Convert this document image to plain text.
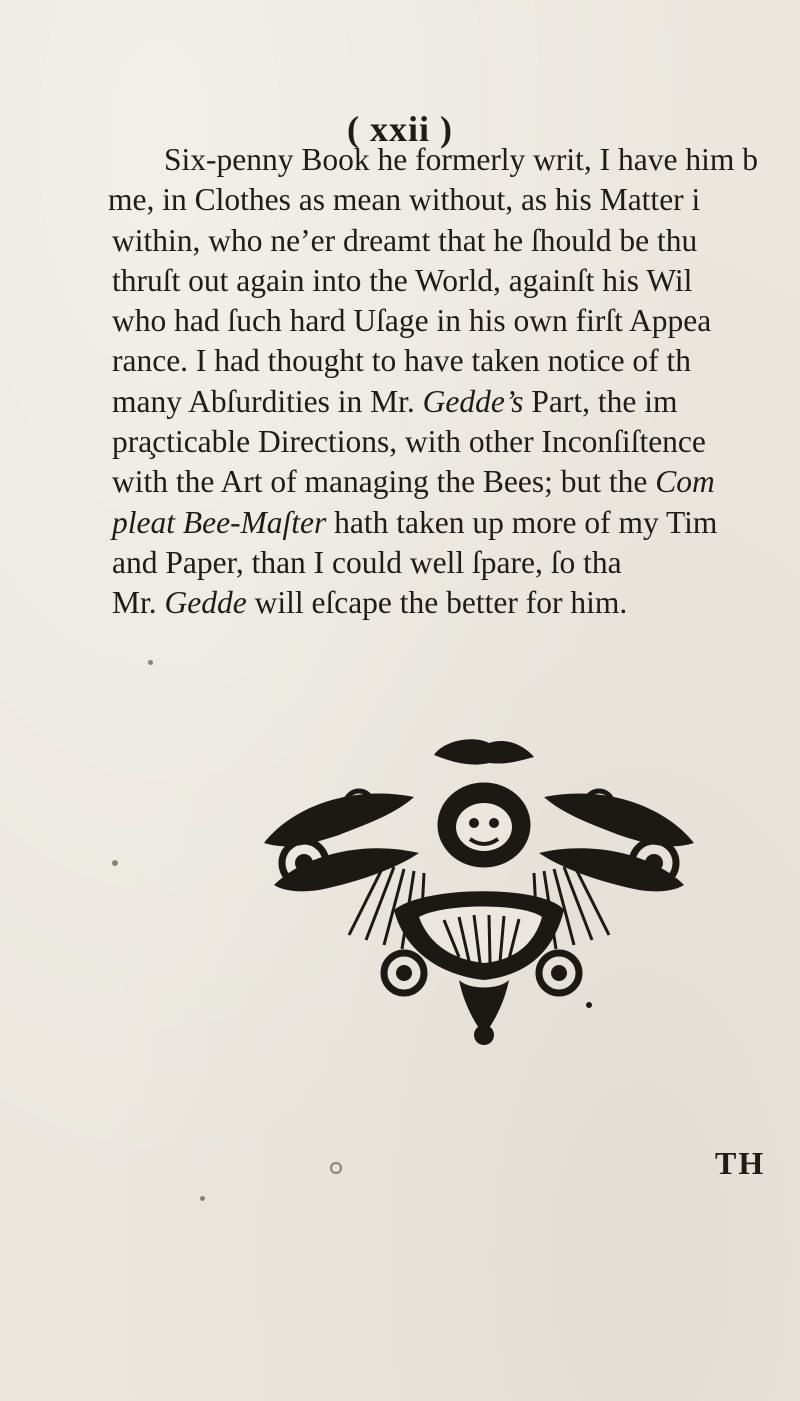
( xxii )

Six-penny Book he formerly writ, I have him b
me, in Clothes as mean without, as his Matter i
within, who ne’er dreamt that he ſhould be thu
thruſt out again into the World, againſt his Wil
who had ſuch hard Uſage in his own firſt Appea
rance. I had thought to have taken notice of th
many Abſurdities in Mr. Gedde’s Part, the im
pra̧cticable Directions, with other Inconſiſtence
with the Art of managing the Bees; but the Com
pleat Bee-Maſter hath taken up more of my Tim
and Paper, than I could well ſpare, ſo tha
Mr. Gedde will eſcape the better for him.

TH
